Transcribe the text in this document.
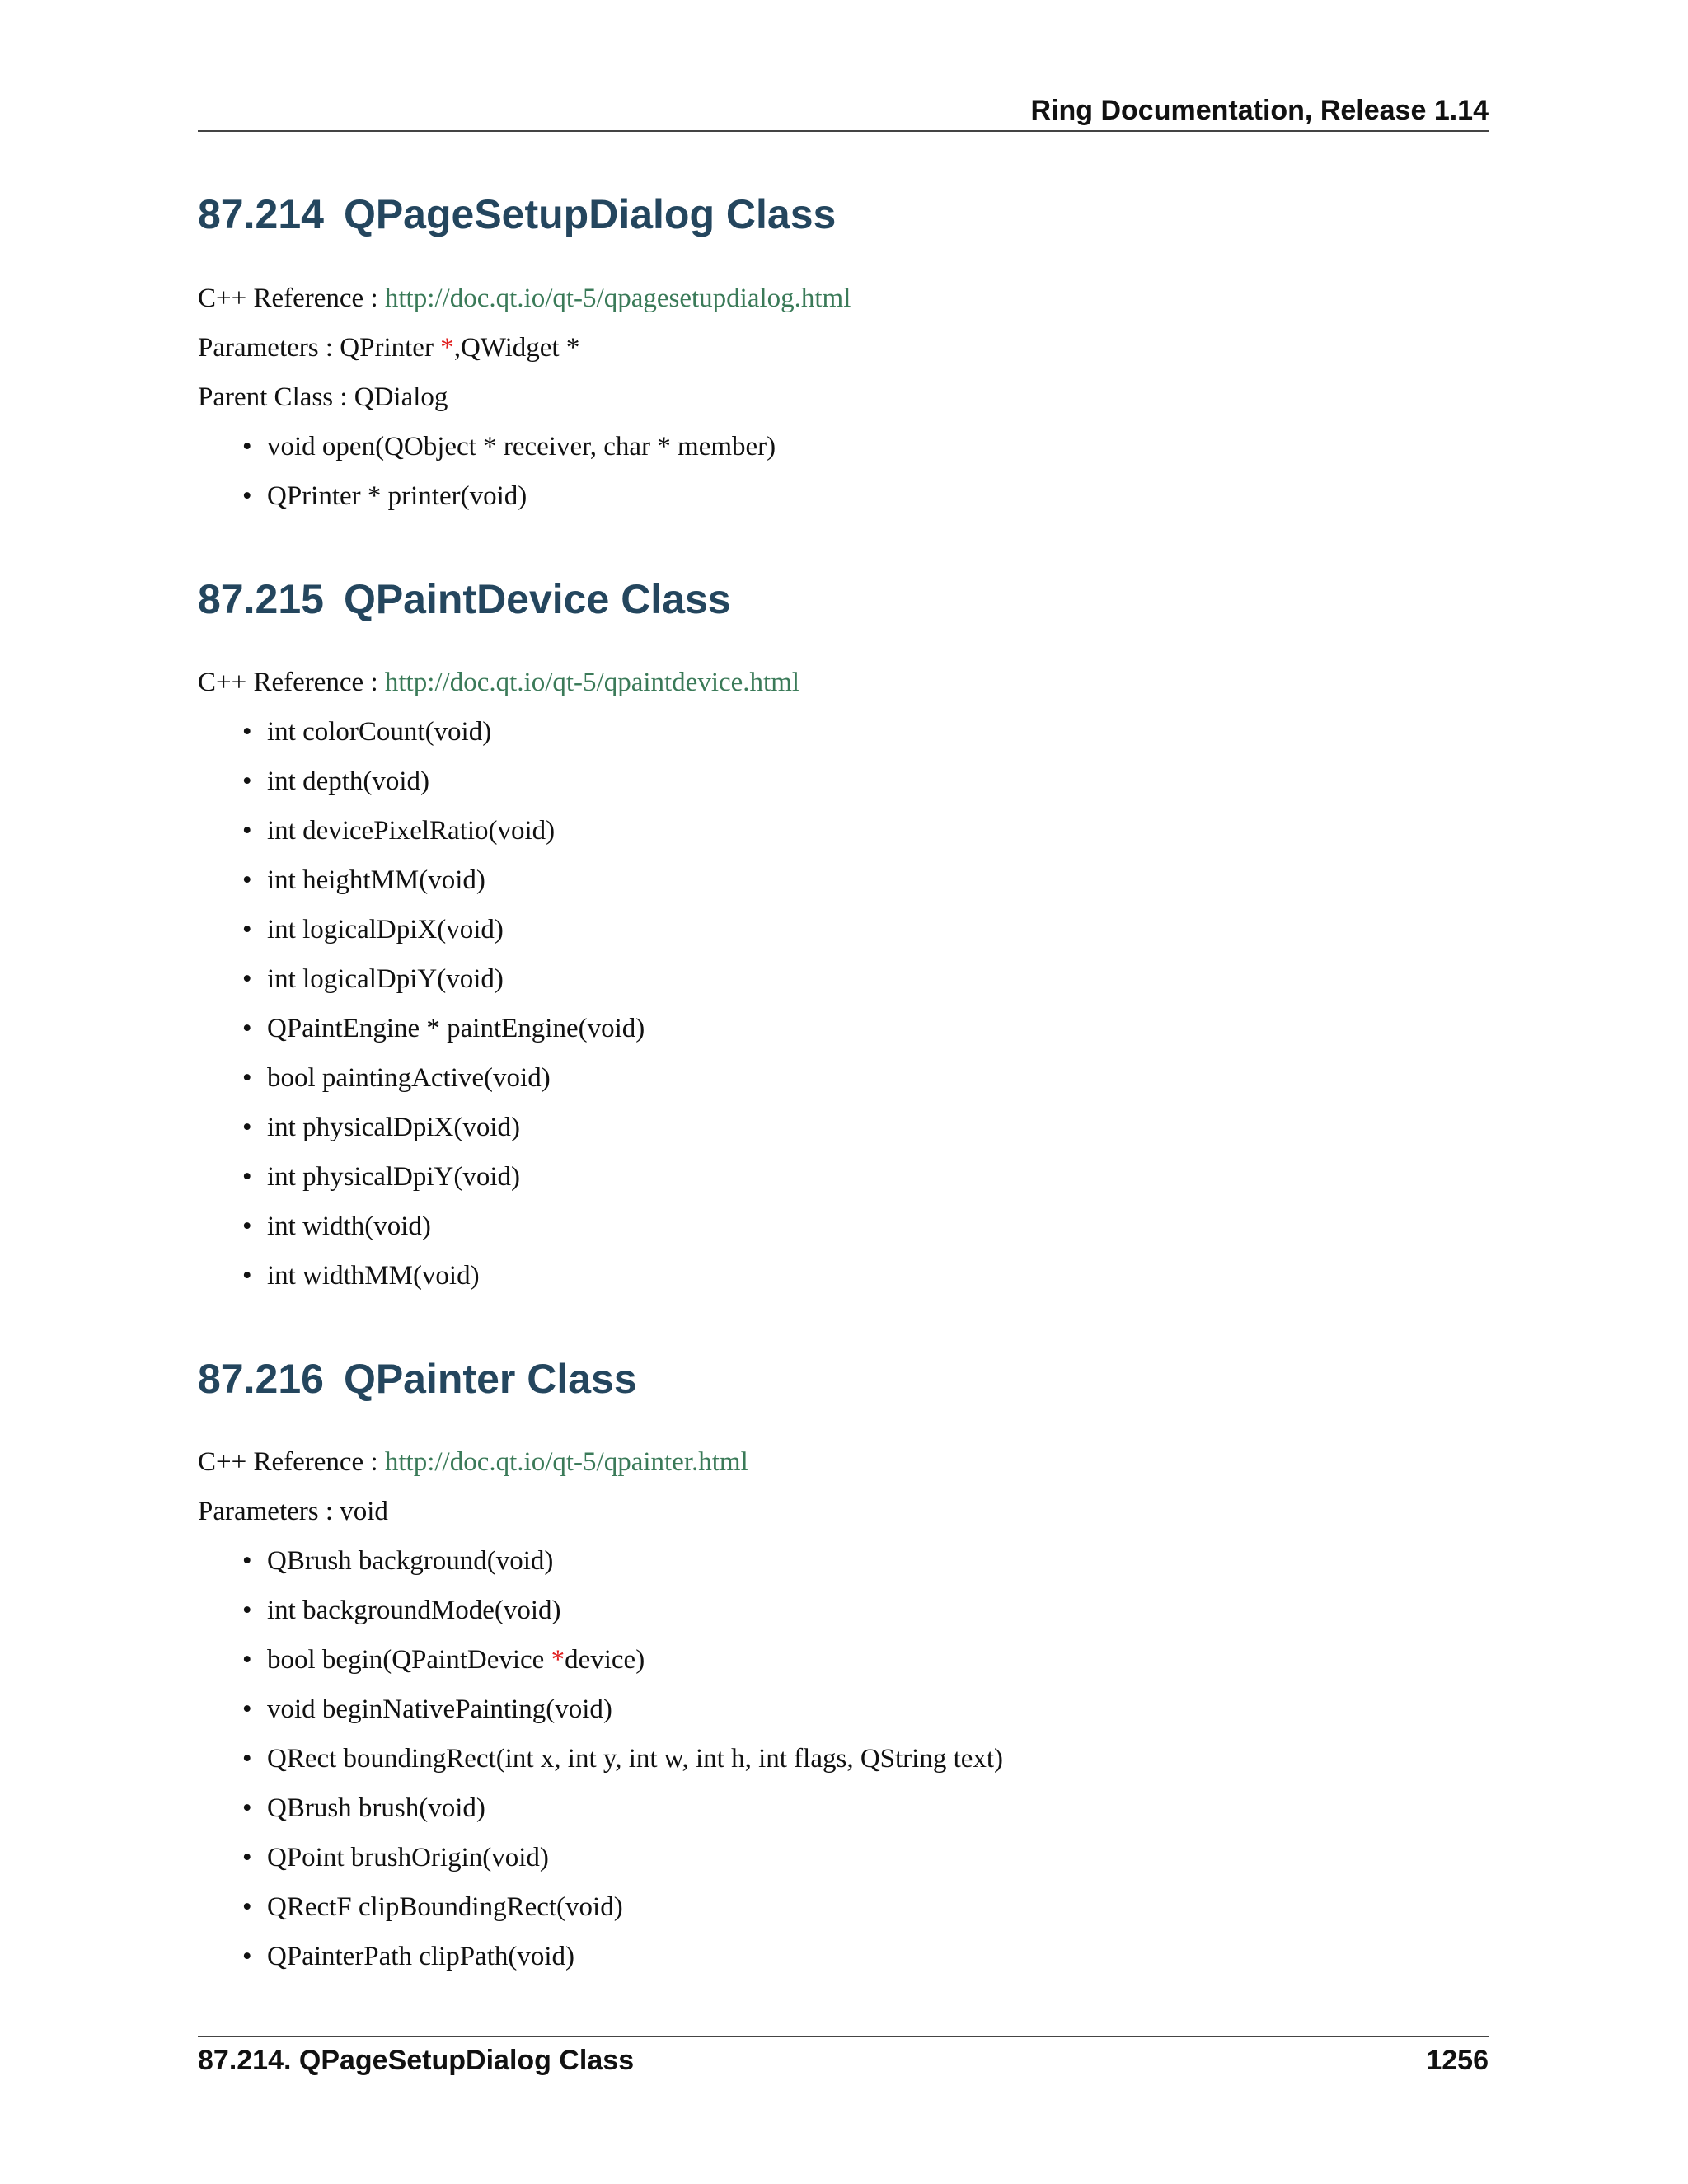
Ring Documentation, Release 1.14
87.214 QPageSetupDialog Class
C++ Reference : http://doc.qt.io/qt-5/qpagesetupdialog.html
Parameters : QPrinter *,QWidget *
Parent Class : QDialog
• void open(QObject * receiver, char * member)
• QPrinter * printer(void)
87.215 QPaintDevice Class
C++ Reference : http://doc.qt.io/qt-5/qpaintdevice.html
• int colorCount(void)
• int depth(void)
• int devicePixelRatio(void)
• int heightMM(void)
• int logicalDpiX(void)
• int logicalDpiY(void)
• QPaintEngine * paintEngine(void)
• bool paintingActive(void)
• int physicalDpiX(void)
• int physicalDpiY(void)
• int width(void)
• int widthMM(void)
87.216 QPainter Class
C++ Reference : http://doc.qt.io/qt-5/qpainter.html
Parameters : void
• QBrush background(void)
• int backgroundMode(void)
• bool begin(QPaintDevice *device)
• void beginNativePainting(void)
• QRect boundingRect(int x, int y, int w, int h, int flags, QString text)
• QBrush brush(void)
• QPoint brushOrigin(void)
• QRectF clipBoundingRect(void)
• QPainterPath clipPath(void)
87.214. QPageSetupDialog Class	1256
